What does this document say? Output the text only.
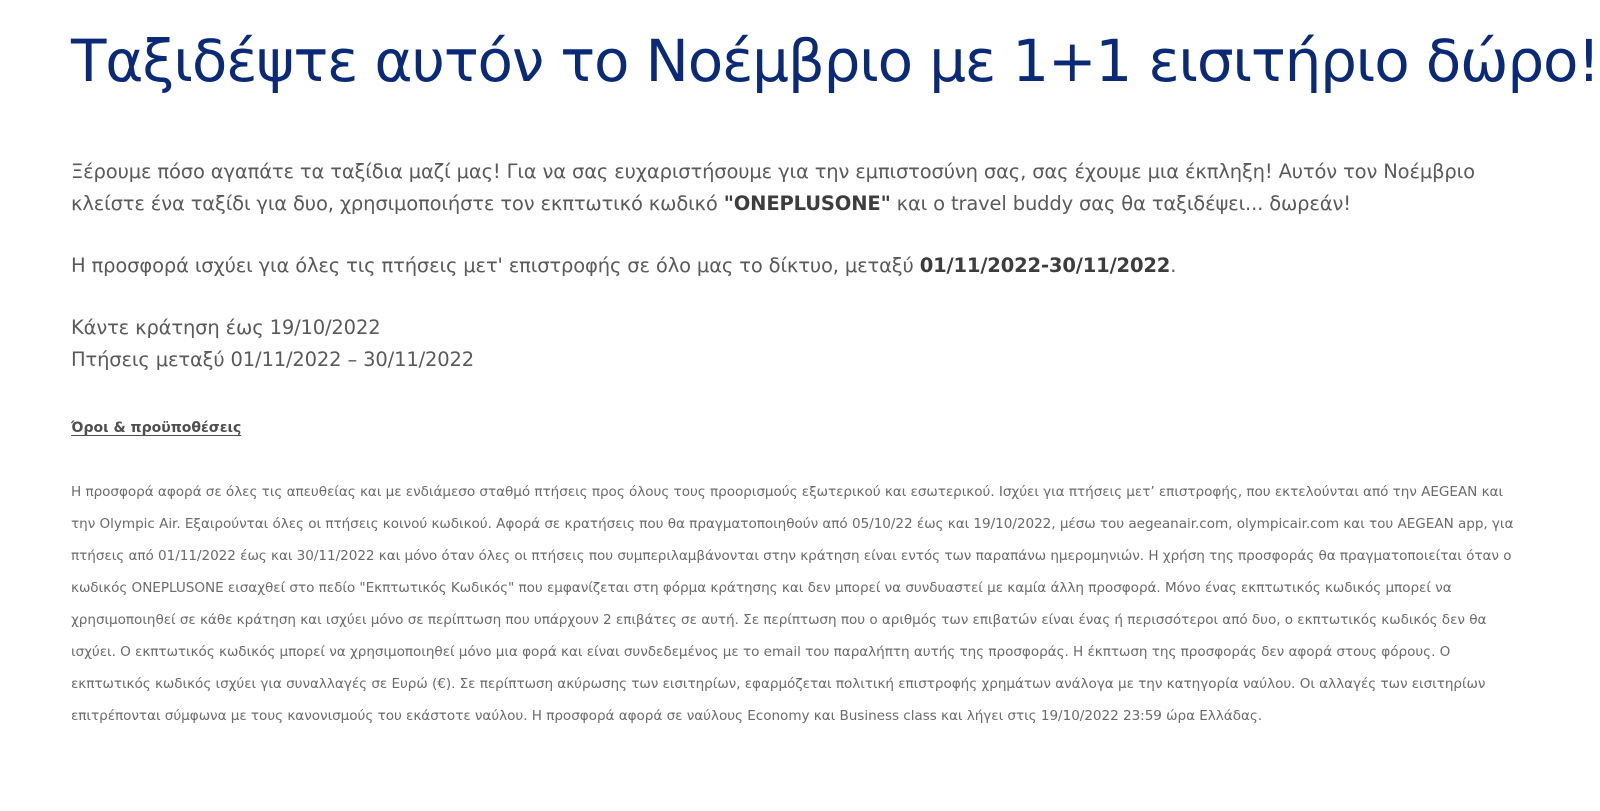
Ταξιδέψτε αυτόν το Νοέμβριο με 1+1 εισιτήριο δώρο!

Ξέρουμε πόσο αγαπάτε τα ταξίδια μαζί μας! Για να σας ευχαριστήσουμε για την εμπιστοσύνη σας, σας έχουμε μια έκπληξη! Αυτόν τον Νοέμβριο κλείστε ένα ταξίδι για δυο, χρησιμοποιήστε τον εκπτωτικό κωδικό "ONEPLUSONE" και ο travel buddy σας θα ταξιδέψει... δωρεάν!

Η προσφορά ισχύει για όλες τις πτήσεις μετ' επιστροφής σε όλο μας το δίκτυο, μεταξύ 01/11/2022-30/11/2022.

Κάντε κράτηση έως 19/10/2022
Πτήσεις μεταξύ 01/11/2022 – 30/11/2022
Όροι & προϋποθέσεις

Η προσφορά αφορά σε όλες τις απευθείας και με ενδιάμεσο σταθμό πτήσεις προς όλους τους προορισμούς εξωτερικού και εσωτερικού. Ισχύει για πτήσεις μετ’ επιστροφής, που εκτελούνται από την AEGEAN και την Olympic Air. Εξαιρούνται όλες οι πτήσεις κοινού κωδικού. Αφορά σε κρατήσεις που θα πραγματοποιηθούν από 05/10/22 έως και 19/10/2022, μέσω του aegeanair.com, olympicair.com και του AEGEAN app, για πτήσεις από 01/11/2022 έως και 30/11/2022 και μόνο όταν όλες οι πτήσεις που συμπεριλαμβάνονται στην κράτηση είναι εντός των παραπάνω ημερομηνιών. Η χρήση της προσφοράς θα πραγματοποιείται όταν ο κωδικός ONEPLUSONE εισαχθεί στο πεδίο "Εκπτωτικός Κωδικός" που εμφανίζεται στη φόρμα κράτησης και δεν μπορεί να συνδυαστεί με καμία άλλη προσφορά. Μόνο ένας εκπτωτικός κωδικός μπορεί να χρησιμοποιηθεί σε κάθε κράτηση και ισχύει μόνο σε περίπτωση που υπάρχουν 2 επιβάτες σε αυτή. Σε περίπτωση που ο αριθμός των επιβατών είναι ένας ή περισσότεροι από δυο, ο εκπτωτικός κωδικός δεν θα ισχύει. Ο εκπτωτικός κωδικός μπορεί να χρησιμοποιηθεί μόνο μια φορά και είναι συνδεδεμένος με το email του παραλήπτη αυτής της προσφοράς. Η έκπτωση της προσφοράς δεν αφορά στους φόρους. Ο εκπτωτικός κωδικός ισχύει για συναλλαγές σε Ευρώ (€). Σε περίπτωση ακύρωσης των εισιτηρίων, εφαρμόζεται πολιτική επιστροφής χρημάτων ανάλογα με την κατηγορία ναύλου. Οι αλλαγές των εισιτηρίων επιτρέπονται σύμφωνα με τους κανονισμούς του εκάστοτε ναύλου. Η προσφορά αφορά σε ναύλους Economy και Business class και λήγει στις 19/10/2022 23:59 ώρα Ελλάδας.
